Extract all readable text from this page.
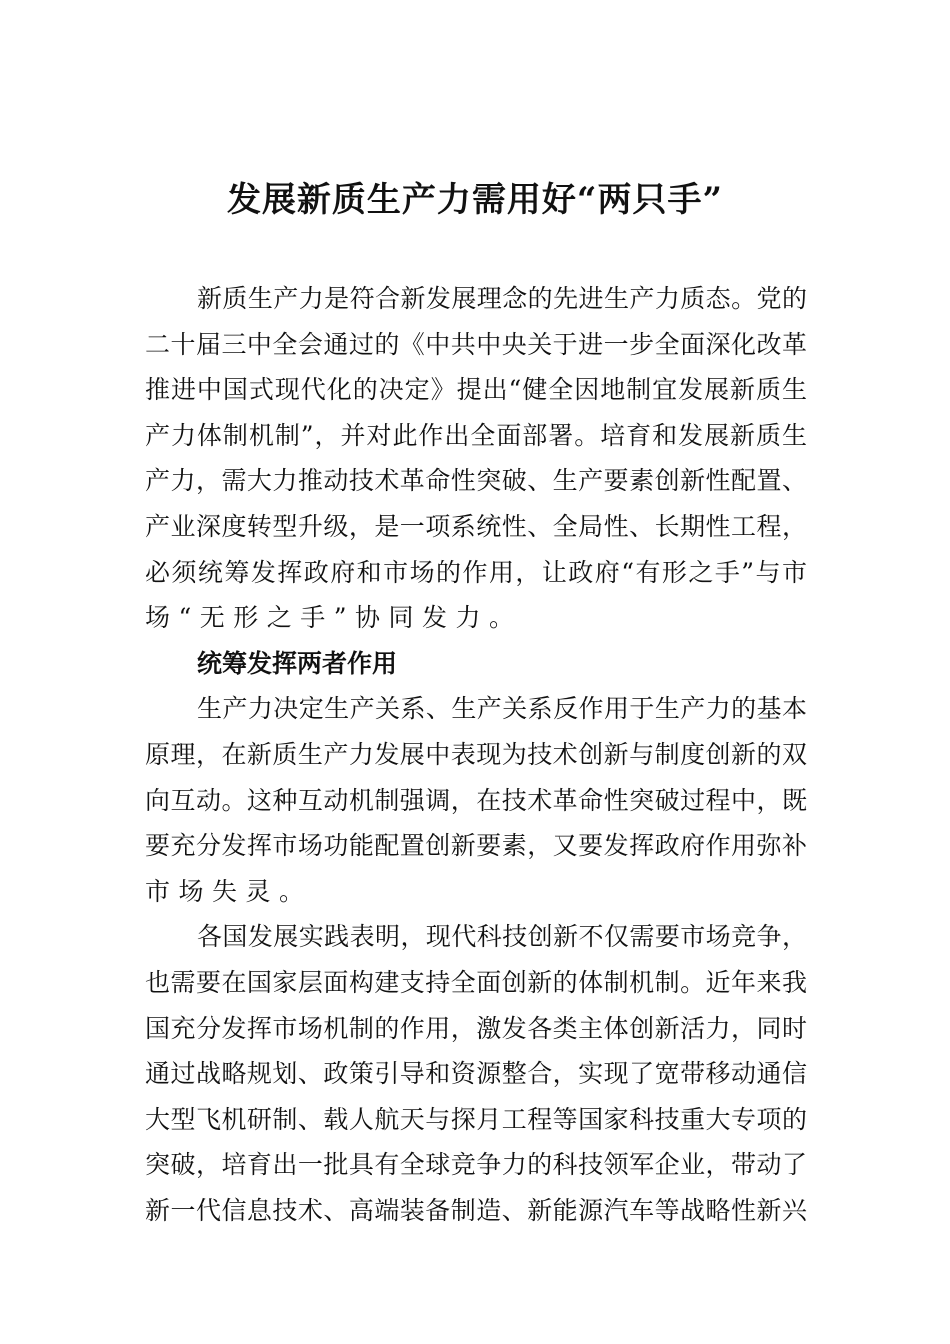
发展新质生产力需用好“两只手”
新质生产力是符合新发展理念的先进生产力质态。党的
二十届三中全会通过的《中共中央关于进一步全面深化改革
推进中国式现代化的决定》提出“健全因地制宜发展新质生
产力体制机制”，并对此作出全面部署。培育和发展新质生
产力，需大力推动技术革命性突破、生产要素创新性配置、
产业深度转型升级，是一项系统性、全局性、长期性工程，
必须统筹发挥政府和市场的作用，让政府“有形之手”与市
场“无形之手”协同发力。
统筹发挥两者作用
生产力决定生产关系、生产关系反作用于生产力的基本
原理，在新质生产力发展中表现为技术创新与制度创新的双
向互动。这种互动机制强调，在技术革命性突破过程中，既
要充分发挥市场功能配置创新要素，又要发挥政府作用弥补
市场失灵。
各国发展实践表明，现代科技创新不仅需要市场竞争，
也需要在国家层面构建支持全面创新的体制机制。近年来我
国充分发挥市场机制的作用，激发各类主体创新活力，同时
通过战略规划、政策引导和资源整合，实现了宽带移动通信
大型飞机研制、载人航天与探月工程等国家科技重大专项的
突破，培育出一批具有全球竞争力的科技领军企业，带动了
新一代信息技术、高端装备制造、新能源汽车等战略性新兴
